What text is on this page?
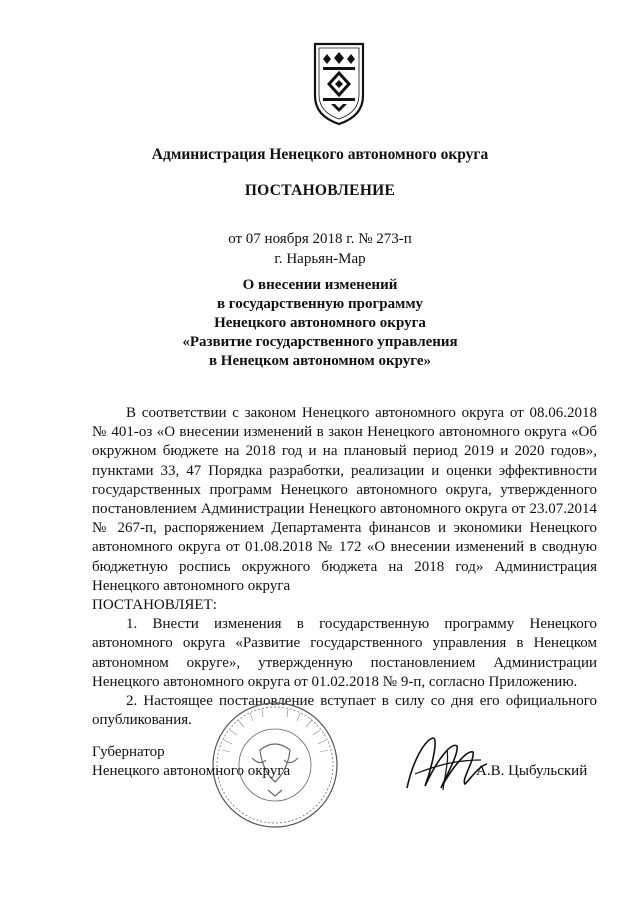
Администрация Ненецкого автономного округа
ПОСТАНОВЛЕНИЕ
от 07 ноября 2018 г. № 273-п
г. Нарьян-Мар
О внесении изменений
в государственную программу
Ненецкого автономного округа
«Развитие государственного управления
в Ненецком автономном округе»

В соответствии с законом Ненецкого автономного округа от 08.06.2018 № 401-оз «О внесении изменений в закон Ненецкого автономного округа «Об окружном бюджете на 2018 год и на плановый период 2019 и 2020 годов», пунктами 33, 47 Порядка разработки, реализации и оценки эффективности государственных программ Ненецкого автономного округа, утвержденного постановлением Администрации Ненецкого автономного округа от 23.07.2014 № 267-п, распоряжением Департамента финансов и экономики Ненецкого автономного округа от 01.08.2018 № 172 «О внесении изменений в сводную бюджетную роспись окружного бюджета на 2018 год» Администрация Ненецкого автономного округа

ПОСТАНОВЛЯЕТ:

1. Внести изменения в государственную программу Ненецкого автономного округа «Развитие государственного управления в Ненецком автономном округе», утвержденную постановлением Администрации Ненецкого автономного округа от 01.02.2018 № 9-п, согласно Приложению.

2. Настоящее постановление вступает в силу со дня его официального опубликования.

Губернатор
Ненецкого автономного округа	А.В. Цыбульский
